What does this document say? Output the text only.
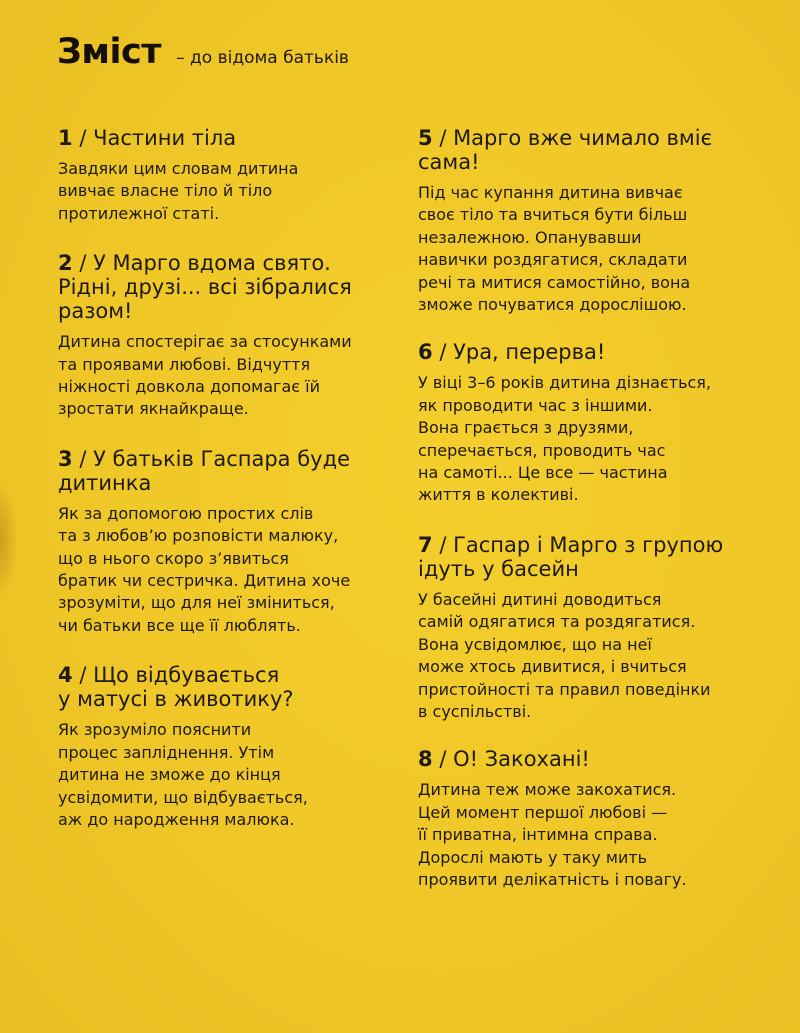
Зміст – до відома батьків
1 / Частини тіла
Завдяки цим словам дитина
вивчає власне тіло й тіло
протилежної статі.
2 / У Марго вдома свято.
Рідні, друзі... всі зібралися
разом!
Дитина спостерігає за стосунками
та проявами любові. Відчуття
ніжності довкола допомагає їй
зростати якнайкраще.
3 / У батьків Гаспара буде
дитинка
Як за допомогою простих слів
та з любов’ю розповісти малюку,
що в нього скоро з’явиться
братик чи сестричка. Дитина хоче
зрозуміти, що для неї зміниться,
чи батьки все ще її люблять.
4 / Що відбувається
у матусі в животику?
Як зрозуміло пояснити
процес запліднення. Утім
дитина не зможе до кінця
усвідомити, що відбувається,
аж до народження малюка.
5 / Марго вже чимало вміє
сама!
Під час купання дитина вивчає
своє тіло та вчиться бути більш
незалежною. Опанувавши
навички роздягатися, складати
речі та митися самостійно, вона
зможе почуватися дорослішою.
6 / Ура, перерва!
У віці 3–6 років дитина дізнається,
як проводити час з іншими.
Вона грається з друзями,
сперечається, проводить час
на самоті... Це все — частина
життя в колективі.
7 / Гаспар і Марго з групою
ідуть у басейн
У басейні дитині доводиться
самій одягатися та роздягатися.
Вона усвідомлює, що на неї
може хтось дивитися, і вчиться
пристойності та правил поведінки
в суспільстві.
8 / О! Закохані!
Дитина теж може закохатися.
Цей момент першої любові —
її приватна, інтимна справа.
Дорослі мають у таку мить
проявити делікатність і повагу.
